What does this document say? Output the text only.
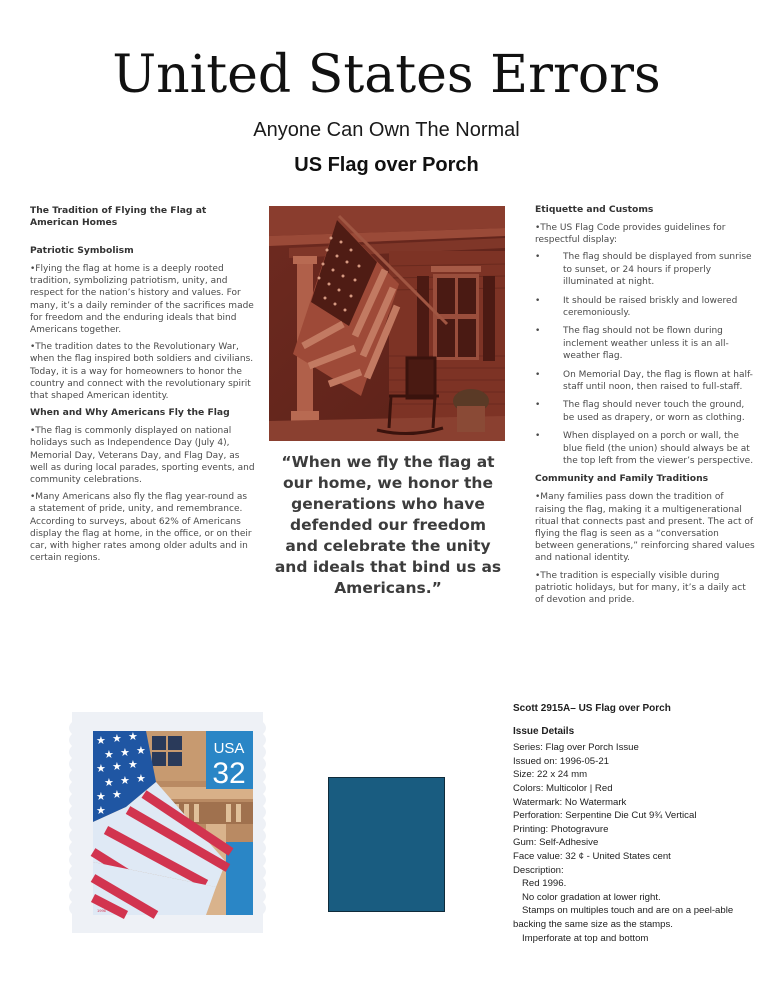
United States Errors
Anyone Can Own The Normal
US Flag over Porch
The Tradition of Flying the Flag at American Homes
Patriotic Symbolism

•Flying the flag at home is a deeply rooted tradition, symbolizing patriotism, unity, and respect for the nation’s history and values. For many, it’s a daily reminder of the sacrifices made for freedom and the enduring ideals that bind Americans together.

•The tradition dates to the Revolutionary War, when the flag inspired both soldiers and civilians. Today, it is a way for homeowners to honor the country and connect with the revolutionary spirit that shaped American identity.

When and Why Americans Fly the Flag

•The flag is commonly displayed on national holidays such as Independence Day (July 4), Memorial Day, Veterans Day, and Flag Day, as well as during local parades, sporting events, and community celebrations.

•Many Americans also fly the flag year-round as a statement of pride, unity, and remembrance. According to surveys, about 62% of Americans display the flag at home, in the office, or on their car, with higher rates among older adults and in certain regions.

“When we fly the flag at our home, we honor the generations who have defended our freedom and celebrate the unity and ideals that bind us as Americans.”
Etiquette and Customs

•The US Flag Code provides guidelines for respectful display:

•	The flag should be displayed from sunrise to sunset, or 24 hours if properly illuminated at night.
•	It should be raised briskly and lowered ceremoniously.
•	The flag should not be flown during inclement weather unless it is an all-weather flag.
•	On Memorial Day, the flag is flown at half-staff until noon, then raised to full-staff.
•	The flag should never touch the ground, be used as drapery, or worn as clothing.
•	When displayed on a porch or wall, the blue field (the union) should always be at the top left from the viewer’s perspective.
Community and Family Traditions

•Many families pass down the tradition of raising the flag, making it a multigenerational ritual that connects past and present. The act of flying the flag is seen as a “conversation between generations,” reinforcing shared values and national identity.

•The tradition is especially visible during patriotic holidays, but for many, it’s a daily act of devotion and pride.

USA
32
★ ★ ★
★ ★ ★
★ ★ ★
★ ★ ★
★ ★
★
1996
Scott 2915A– US Flag over Porch
Issue Details
Series: Flag over Porch Issue
Issued on: 1996-05-21
Size: 22 x 24 mm
Colors: Multicolor | Red
Watermark: No Watermark
Perforation: Serpentine Die Cut 9¾ Vertical
Printing: Photogravure
Gum: Self-Adhesive
Face value: 32 ¢ - United States cent
Description:
Red 1996.
No color gradation at lower right.
Stamps on multiples touch and are on a peel-able backing the same size as the stamps.
Imperforate at top and bottom
